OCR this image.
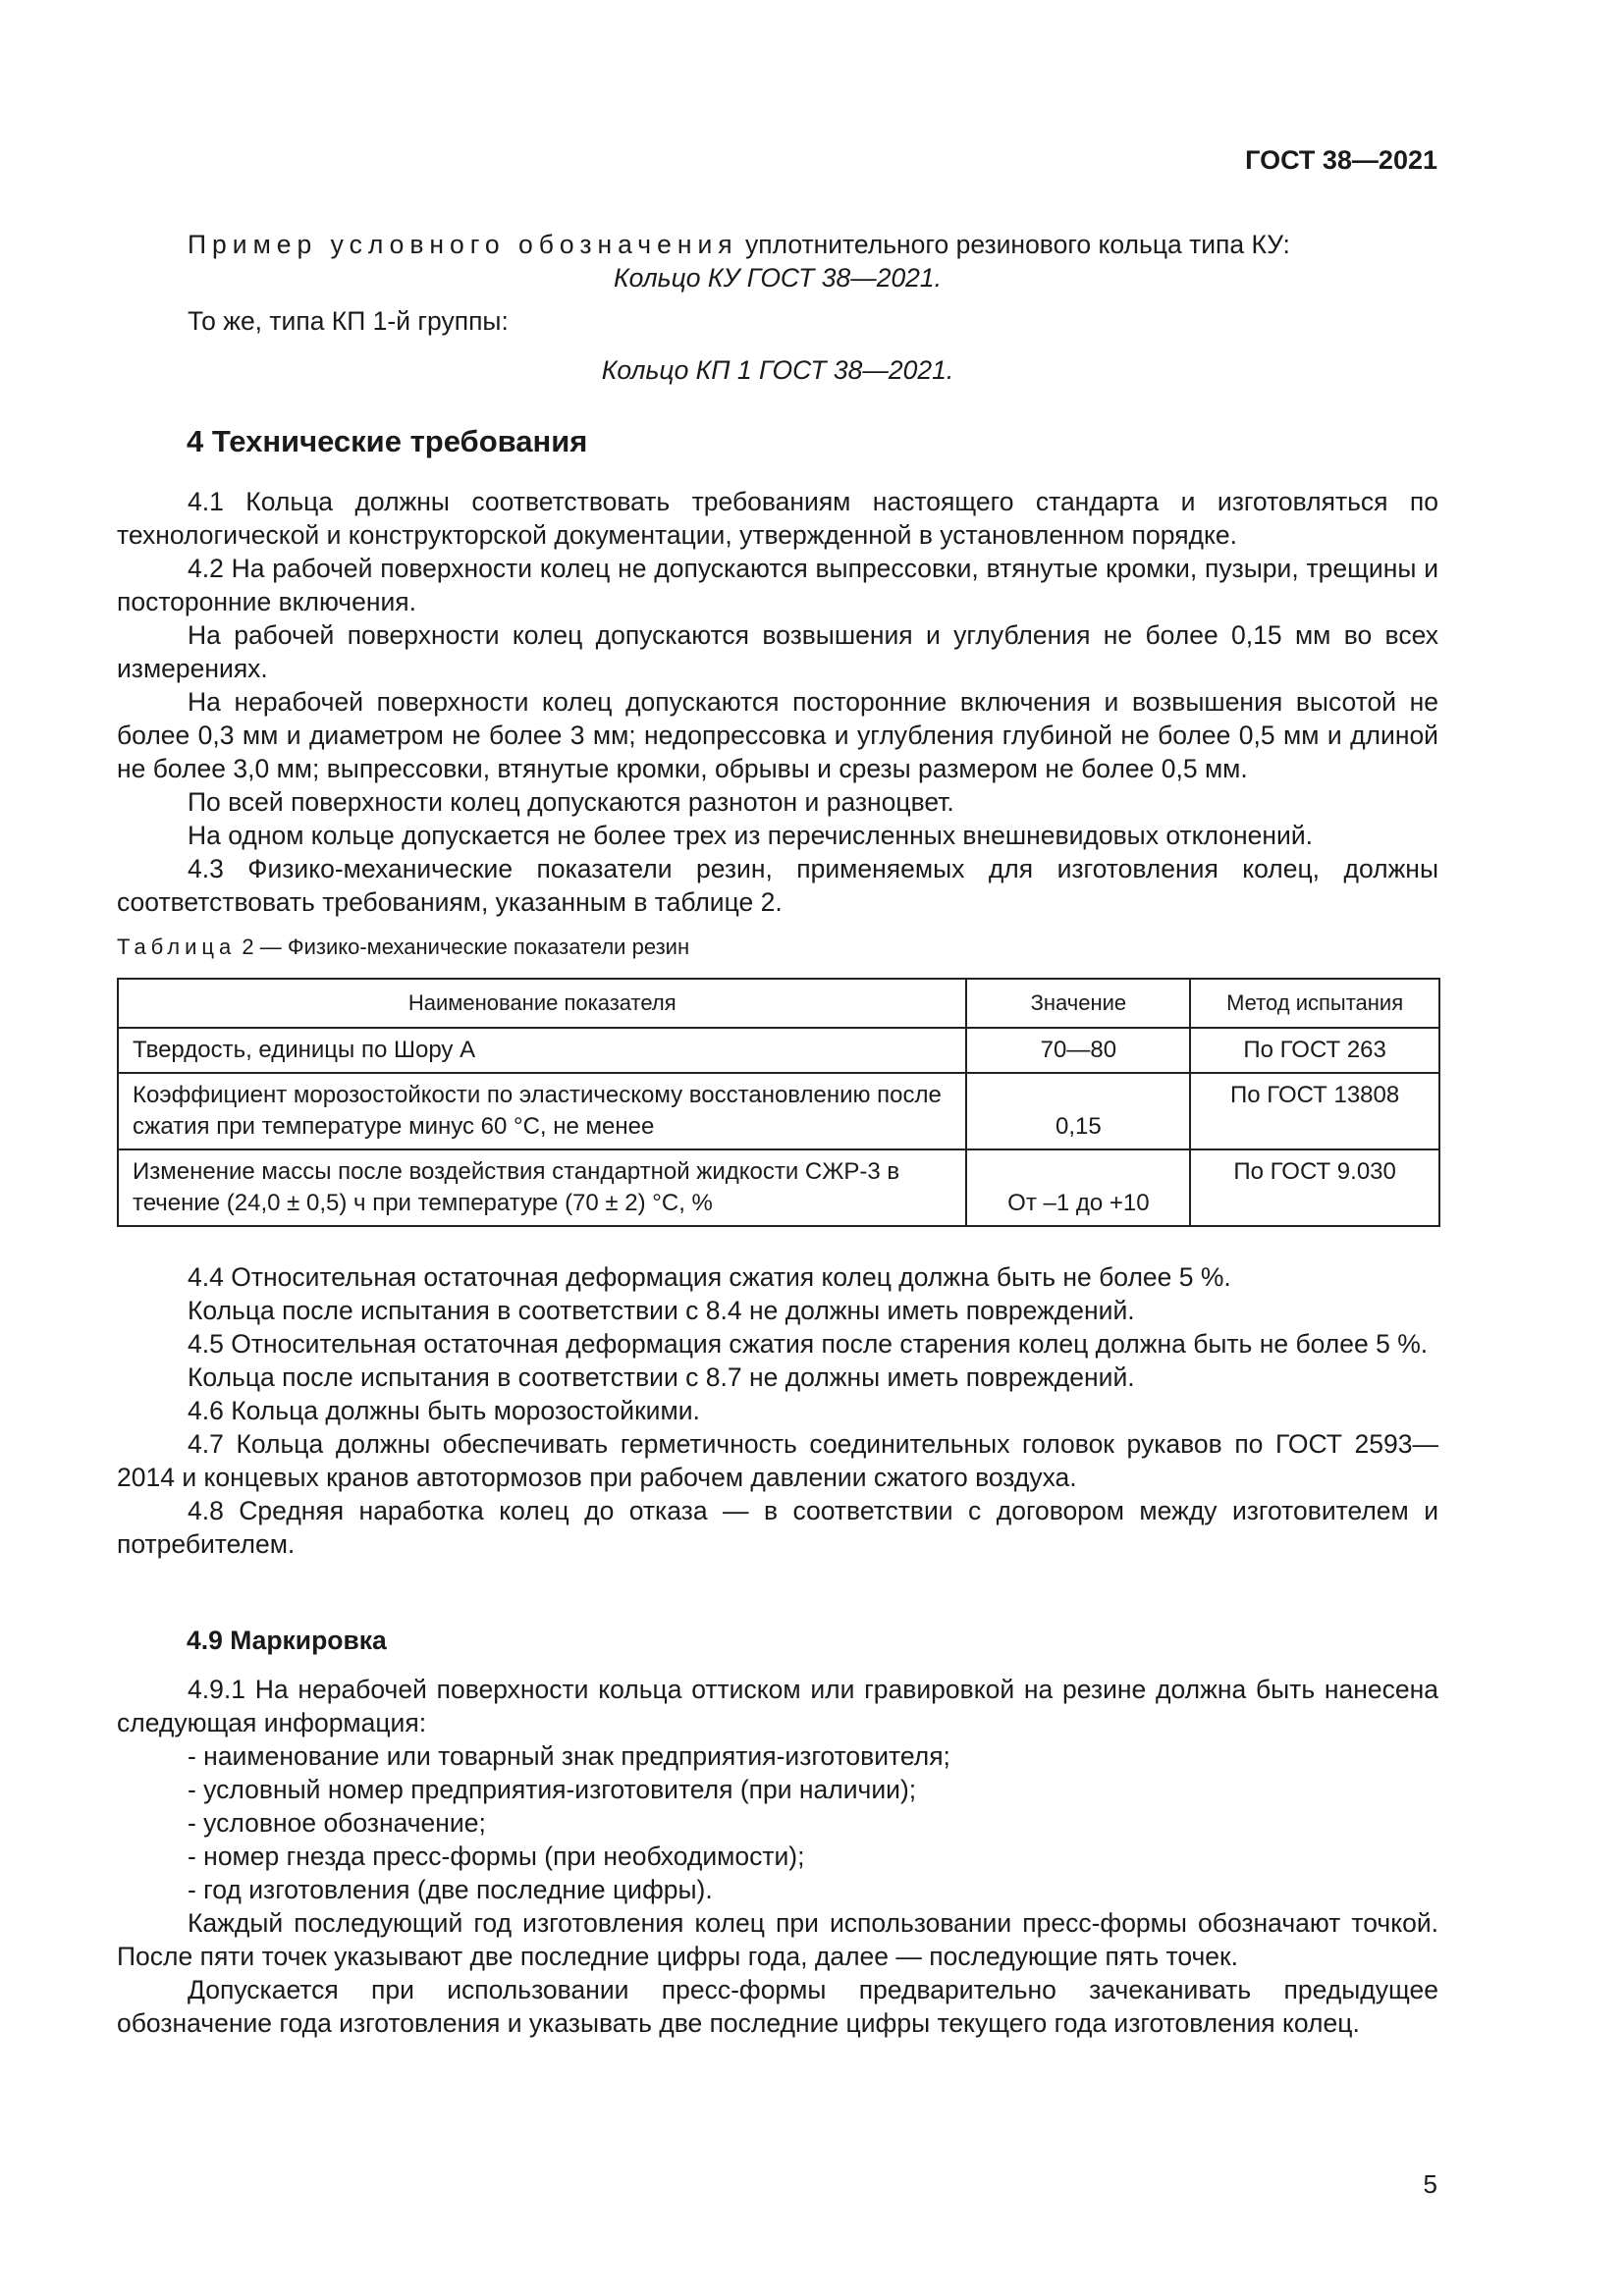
ГОСТ 38—2021

Пример условного обозначения уплотнительного резинового кольца типа КУ:

Кольцо КУ ГОСТ 38—2021.

То же, типа КП 1-й группы:

Кольцо КП 1 ГОСТ 38—2021.

4 Технические требования

4.1 Кольца должны соответствовать требованиям настоящего стандарта и изготовляться по технологической и конструкторской документации, утвержденной в установленном порядке.

4.2 На рабочей поверхности колец не допускаются выпрессовки, втянутые кромки, пузыри, трещины и посторонние включения.

На рабочей поверхности колец допускаются возвышения и углубления не более 0,15 мм во всех измерениях.

На нерабочей поверхности колец допускаются посторонние включения и возвышения высотой не более 0,3 мм и диаметром не более 3 мм; недопрессовка и углубления глубиной не более 0,5 мм и длиной не более 3,0 мм; выпрессовки, втянутые кромки, обрывы и срезы размером не более 0,5 мм.

По всей поверхности колец допускаются разнотон и разноцвет.

На одном кольце допускается не более трех из перечисленных внешневидовых отклонений.

4.3 Физико-механические показатели резин, применяемых для изготовления колец, должны соответствовать требованиям, указанным в таблице 2.

Таблица 2 — Физико-механические показатели резин
Наименование показателя	Значение	Метод испытания
Твердость, единицы по Шору А	70—80	По ГОСТ 263
Коэффициент морозостойкости по эластическому восстановлению после сжатия при температуре минус 60 °С, не менее	0,15	По ГОСТ 13808
Изменение массы после воздействия стандартной жидкости СЖР-3 в течение (24,0 ± 0,5) ч при температуре (70 ± 2) °С, %	От –1 до +10	По ГОСТ 9.030

4.4 Относительная остаточная деформация сжатия колец должна быть не более 5 %.

Кольца после испытания в соответствии с 8.4 не должны иметь повреждений.

4.5 Относительная остаточная деформация сжатия после старения колец должна быть не более 5 %.

Кольца после испытания в соответствии с 8.7 не должны иметь повреждений.

4.6 Кольца должны быть морозостойкими.

4.7 Кольца должны обеспечивать герметичность соединительных головок рукавов по ГОСТ 2593—2014 и концевых кранов автотормозов при рабочем давлении сжатого воздуха.

4.8 Средняя наработка колец до отказа — в соответствии с договором между изготовителем и потребителем.

4.9 Маркировка

4.9.1 На нерабочей поверхности кольца оттиском или гравировкой на резине должна быть нанесена следующая информация:

- наименование или товарный знак предприятия-изготовителя;

- условный номер предприятия-изготовителя (при наличии);

- условное обозначение;

- номер гнезда пресс-формы (при необходимости);

- год изготовления (две последние цифры).

Каждый последующий год изготовления колец при использовании пресс-формы обозначают точкой. После пяти точек указывают две последние цифры года, далее — последующие пять точек.

Допускается при использовании пресс-формы предварительно зачеканивать предыдущее обозначение года изготовления и указывать две последние цифры текущего года изготовления колец.

5
